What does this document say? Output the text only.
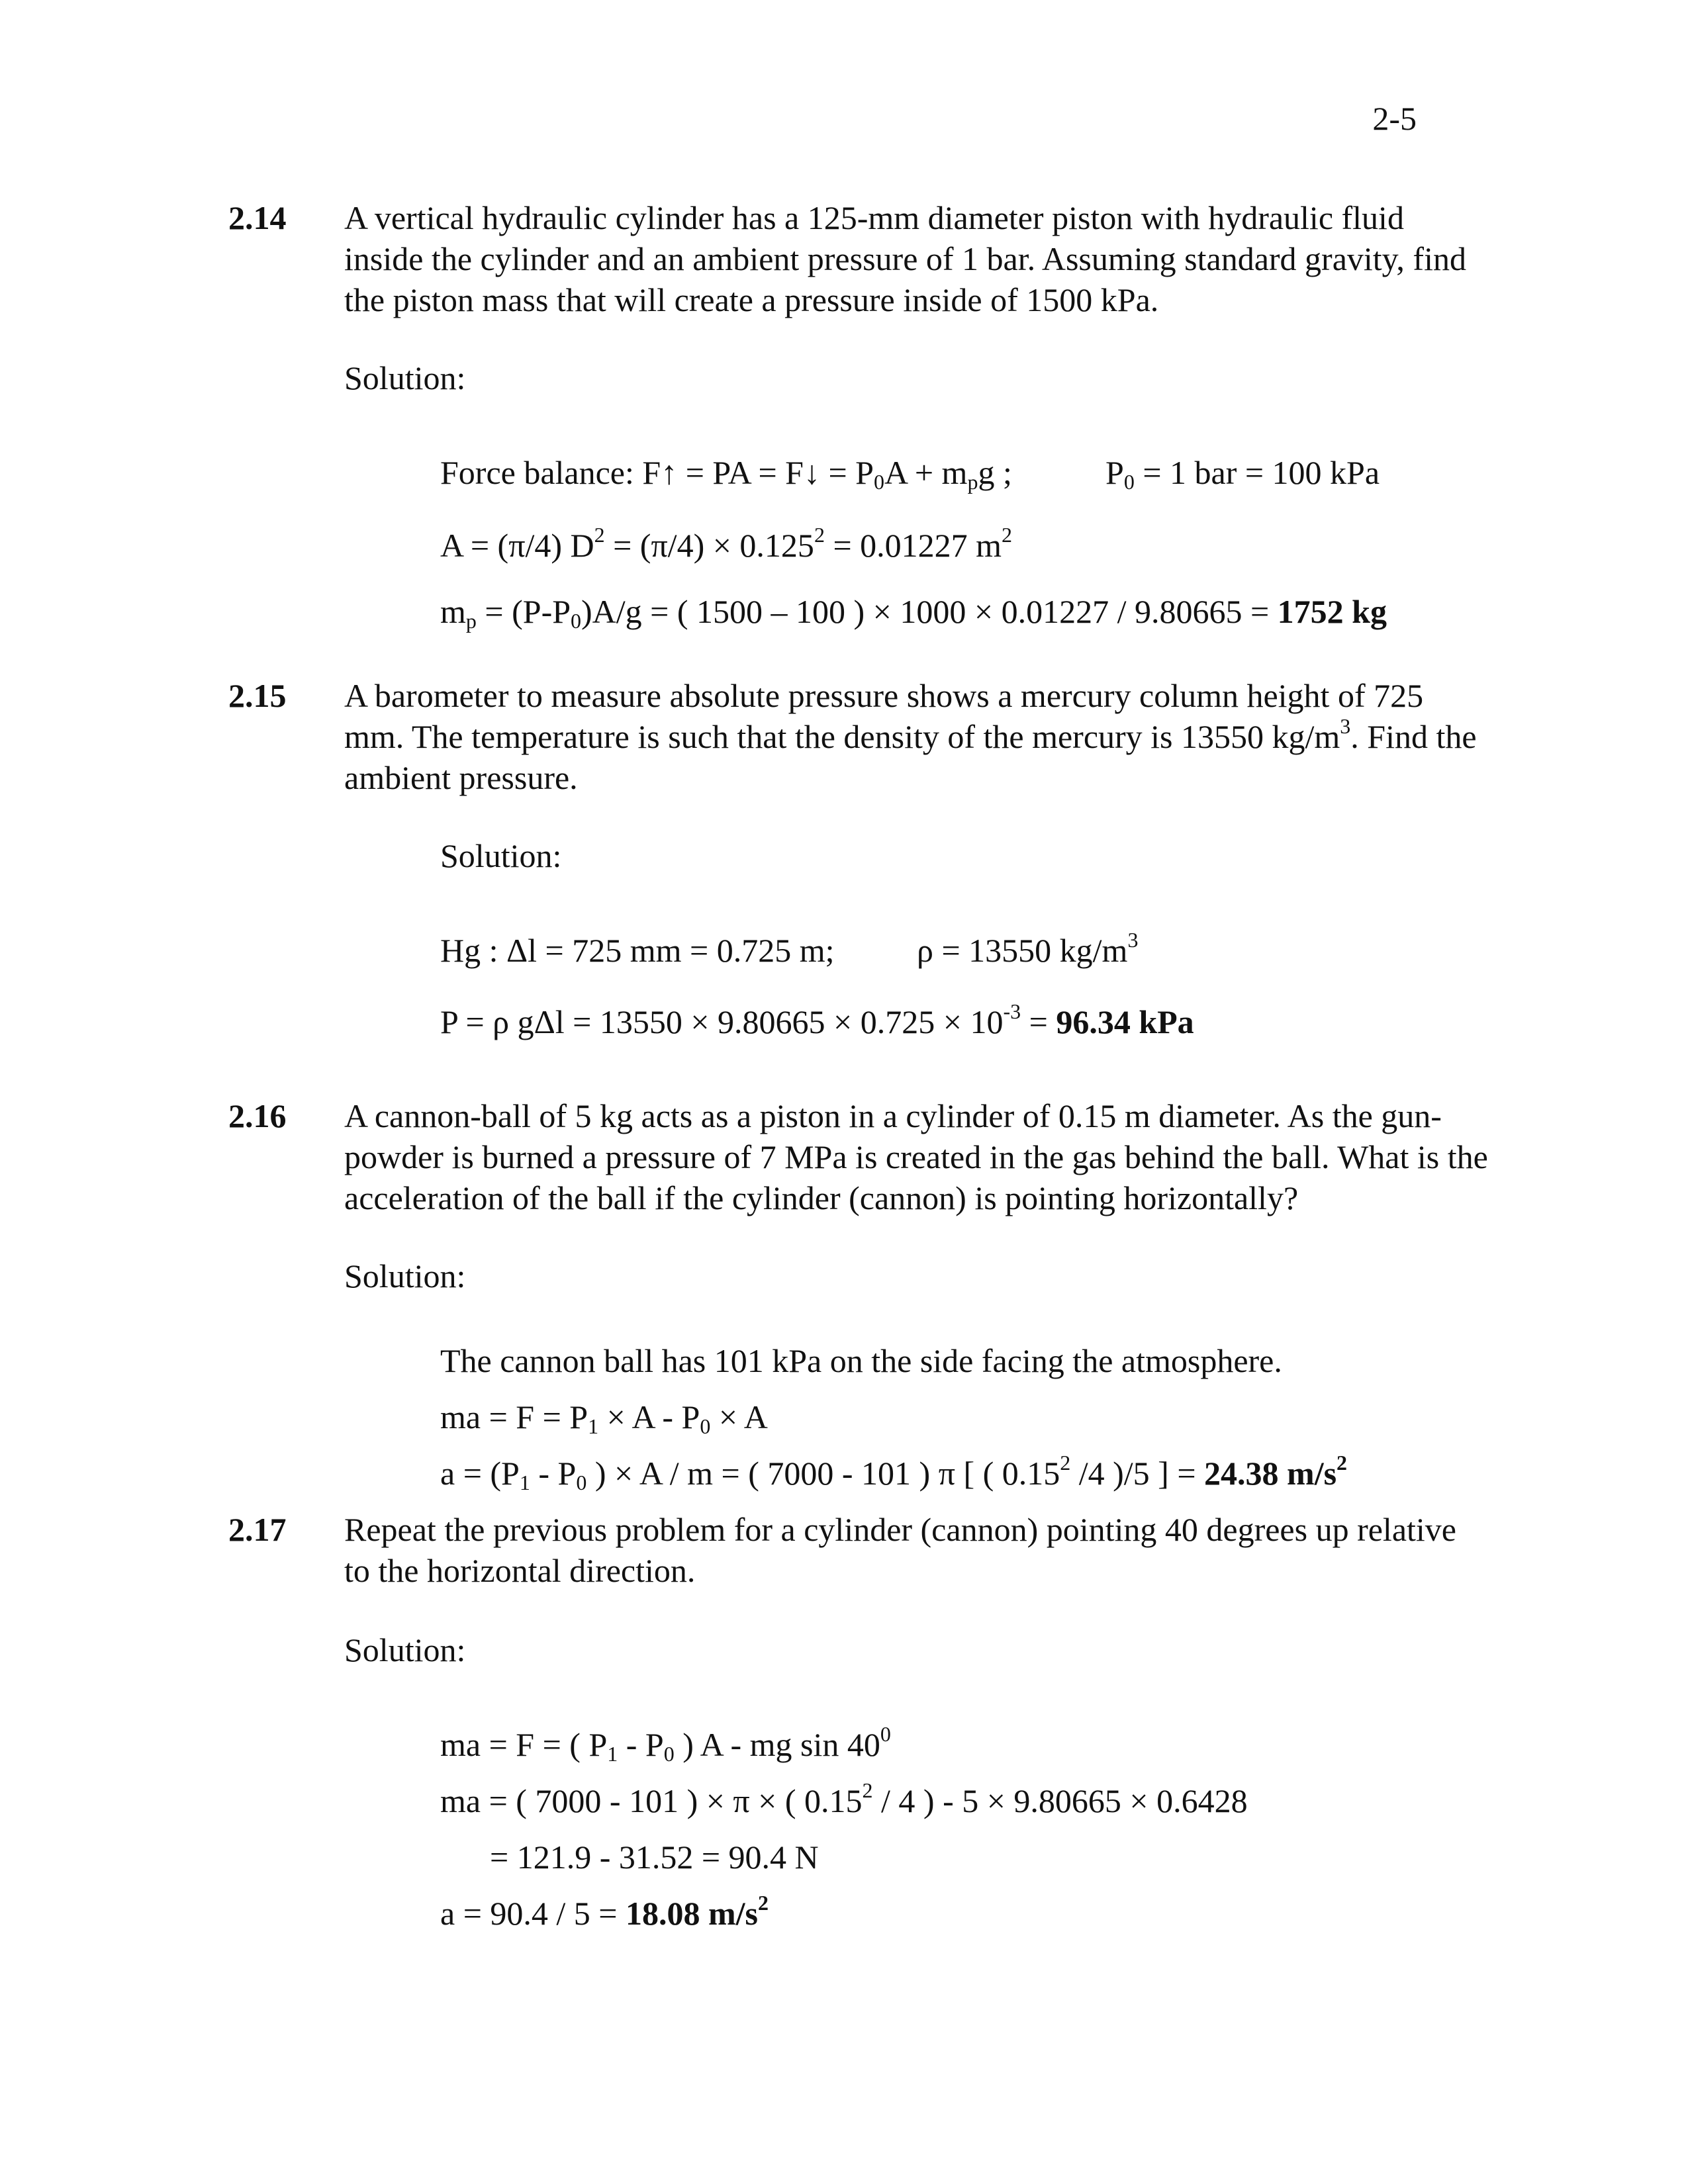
2-5
2.14 A vertical hydraulic cylinder has a 125-mm diameter piston with hydraulic fluid inside the cylinder and an ambient pressure of 1 bar. Assuming standard gravity, find the piston mass that will create a pressure inside of 1500 kPa.
Solution:
Force balance: F↑ = PA = F↓ = $P_0A + m_pg$ ;	$P_0 = 1$ bar = 100 kPa
A = (π/4) $D^2 = (\pi/4) \times 0.125^2 = 0.01227$ $m^2$
$m_p = (P-P_0)A/g$ = ( 1500 – 100 ) × 1000 × 0.01227 / 9.80665 = 1752 kg
2.15 A barometer to measure absolute pressure shows a mercury column height of 725 mm. The temperature is such that the density of the mercury is 13550 $kg/m^3$. Find the ambient pressure.
Solution:
Hg : Δl = 725 mm = 0.725 m; ρ = 13550 $kg/m^3$
P = ρ $g\Delta l = 13550 \times 9.80665 \times 0.725 \times 10^{-3} = 96.34$ kPa
2.16 A cannon-ball of 5 kg acts as a piston in a cylinder of 0.15 m diameter. As the gun-powder is burned a pressure of 7 MPa is created in the gas behind the ball. What is the acceleration of the ball if the cylinder (cannon) is pointing horizontally?
Solution:
The cannon ball has 101 kPa on the side facing the atmosphere.
ma = $F = P_1 \times A - P_0 \times A$
$a = (P_1 - P_0$ ) × A / m = ( 7000 - 101 ) π [ ( 0.15$^2$ /4 )/5 ] = 24.38 $m/s^2$
2.17 Repeat the previous problem for a cylinder (cannon) pointing 40 degrees up relative to the horizontal direction.
Solution:
ma = F = ( $P_1 - P_0$ ) A - mg $\sin 40^0$
ma = ( 7000 - 101 ) × π × ( 0.15$^2$ / 4 ) - 5 × 9.80665 × 0.6428
= 121.9 - 31.52 = 90.4 N
a = 90.4 / 5 = 18.08 $m/s^2$
